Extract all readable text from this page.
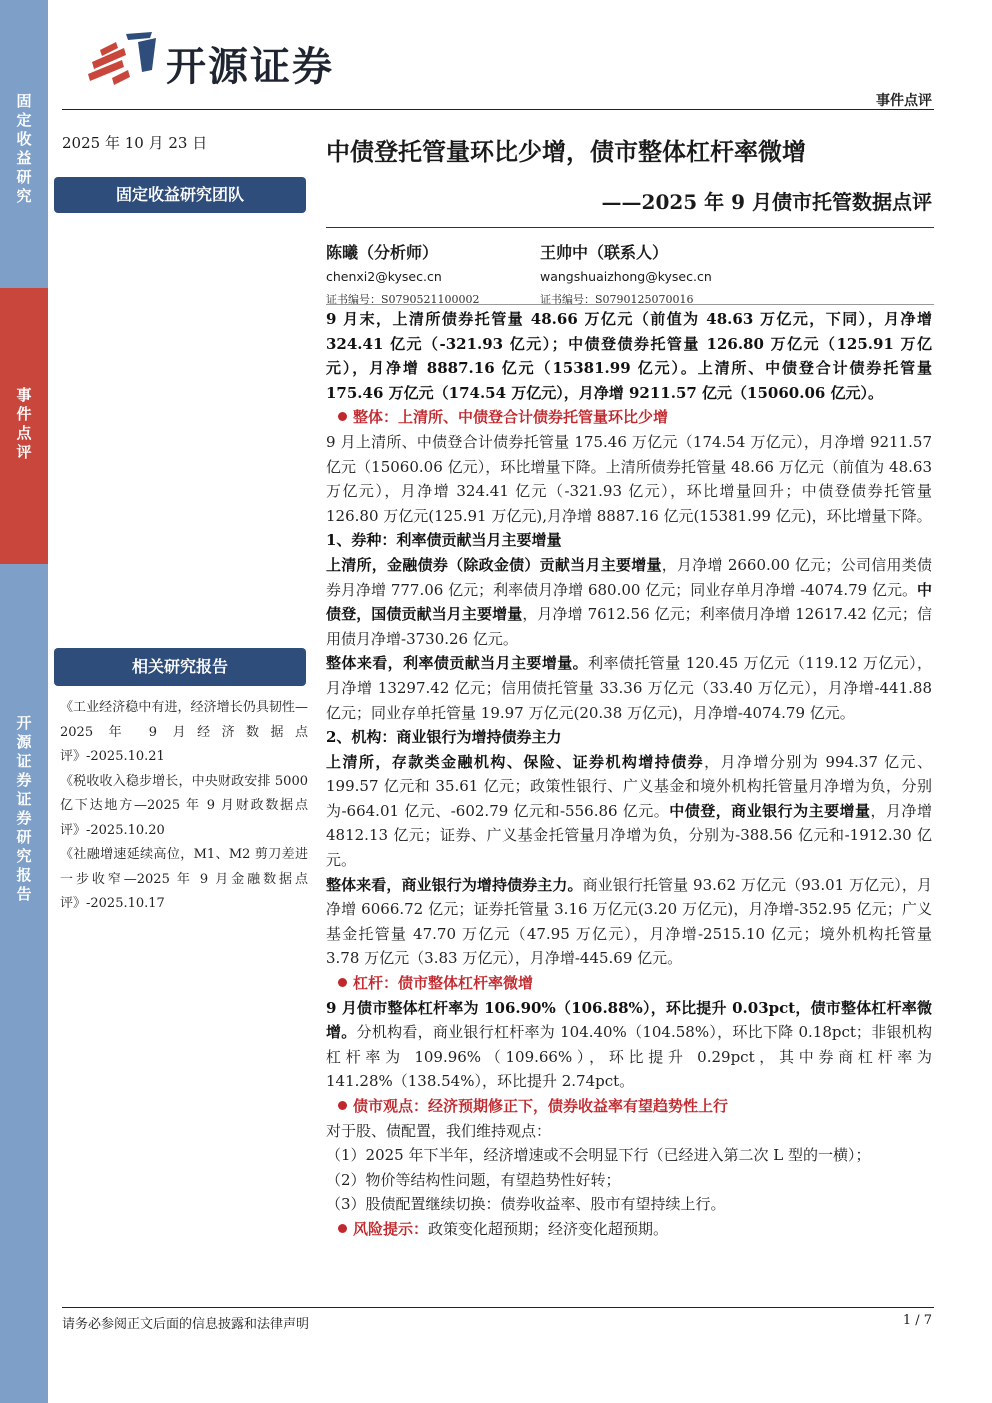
固定收益研究
事件点评
开源证券 证券研究报告
开源证券
事件点评
2025 年 10 月 23 日
固定收益研究团队
相关研究报告
《工业经济稳中有进，经济增长仍具韧性—2025 年 9 月经济数据点评》-2025.10.21
《税收收入稳步增长，中央财政安排 5000 亿下达地方—2025 年 9 月财政数据点评》-2025.10.20
《社融增速延续高位，M1、M2 剪刀差进一步收窄—2025 年 9 月金融数据点评》-2025.10.17
中债登托管量环比少增，债市整体杠杆率微增
——2025 年 9 月债市托管数据点评
陈曦（分析师）
chenxi2@kysec.cn
证书编号：S0790521100002
王帅中（联系人）
wangshuaizhong@kysec.cn
证书编号：S0790125070016

9 月末，上清所债券托管量 48.66 万亿元（前值为 48.63 万亿元，下同），月净增 324.41 亿元（-321.93 亿元）；中债登债券托管量 126.80 万亿元（125.91 万亿元），月净增 8887.16 亿元（15381.99 亿元）。上清所、中债登合计债券托管量 175.46 万亿元（174.54 万亿元），月净增 9211.57 亿元（15060.06 亿元）。

整体：上清所、中债登合计债券托管量环比少增

9 月上清所、中债登合计债券托管量 175.46 万亿元（174.54 万亿元），月净增 9211.57 亿元（15060.06 亿元），环比增量下降。上清所债券托管量 48.66 万亿元（前值为 48.63 万亿元），月净增 324.41 亿元（-321.93 亿元），环比增量回升；中债登债券托管量 126.80 万亿元(125.91 万亿元),月净增 8887.16 亿元(15381.99 亿元)，环比增量下降。

1、券种：利率债贡献当月主要增量

上清所，金融债券（除政金债）贡献当月主要增量，月净增 2660.00 亿元；公司信用类债券月净增 777.06 亿元；利率债月净增 680.00 亿元；同业存单月净增 -4074.79 亿元。中债登，国债贡献当月主要增量，月净增 7612.56 亿元；利率债月净增 12617.42 亿元；信用债月净增-3730.26 亿元。

整体来看，利率债贡献当月主要增量。利率债托管量 120.45 万亿元（119.12 万亿元），月净增 13297.42 亿元；信用债托管量 33.36 万亿元（33.40 万亿元），月净增-441.88 亿元；同业存单托管量 19.97 万亿元(20.38 万亿元)，月净增-4074.79 亿元。

2、机构：商业银行为增持债券主力

上清所，存款类金融机构、保险、证券机构增持债券，月净增分别为 994.37 亿元、199.57 亿元和 35.61 亿元；政策性银行、广义基金和境外机构托管量月净增为负，分别为-664.01 亿元、-602.79 亿元和-556.86 亿元。中债登，商业银行为主要增量，月净增 4812.13 亿元；证券、广义基金托管量月净增为负，分别为-388.56 亿元和-1912.30 亿元。

整体来看，商业银行为增持债券主力。商业银行托管量 93.62 万亿元（93.01 万亿元），月净增 6066.72 亿元；证券托管量 3.16 万亿元(3.20 万亿元)，月净增-352.95 亿元；广义基金托管量 47.70 万亿元（47.95 万亿元），月净增-2515.10 亿元；境外机构托管量 3.78 万亿元（3.83 万亿元），月净增-445.69 亿元。

杠杆：债市整体杠杆率微增

9 月债市整体杠杆率为 106.90%（106.88%），环比提升 0.03pct，债市整体杠杆率微增。分机构看，商业银行杠杆率为 104.40%（104.58%），环比下降 0.18pct；非银机构杠杆率为 109.96%（109.66%），环比提升 0.29pct，其中券商杠杆率为 141.28%（138.54%），环比提升 2.74pct。

债市观点：经济预期修正下，债券收益率有望趋势性上行

对于股、债配置，我们维持观点：

（1）2025 年下半年，经济增速或不会明显下行（已经进入第二次 L 型的一横）；

（2）物价等结构性问题，有望趋势性好转；

（3）股债配置继续切换：债券收益率、股市有望持续上行。

风险提示：政策变化超预期；经济变化超预期。

请务必参阅正文后面的信息披露和法律声明	1 / 7
